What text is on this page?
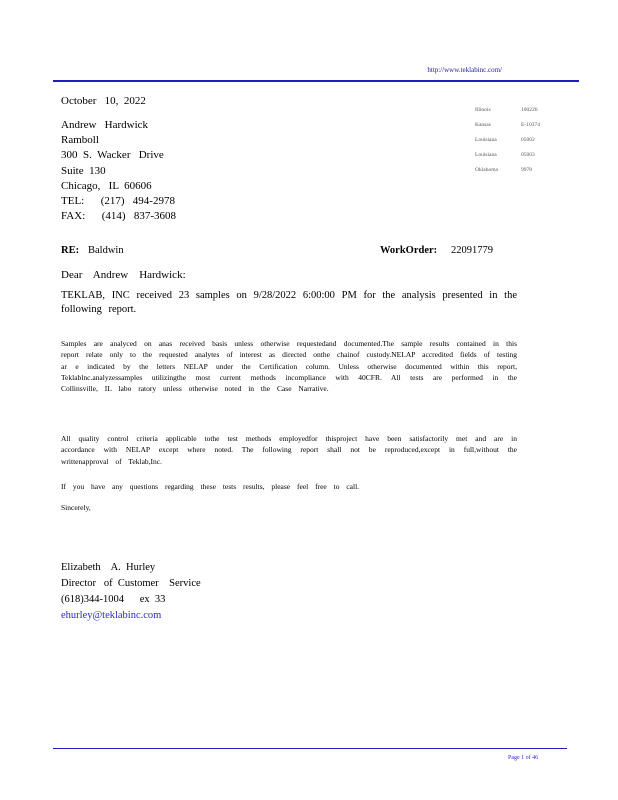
http://www.teklabinc.com/
October   10,  2022
Andrew   Hardwick
Ramboll
300  S.  Wacker   Drive
Suite  130
Chicago,   IL  60606
TEL:      (217)   494-2978
FAX:      (414)   837-3608
Illinois	100226
Kansas	E-10374
Louisiana	05002
Louisiana	05003
Oklahoma	9978
RE: Baldwin	WorkOrder: 22091779
Dear    Andrew    Hardwick:
TEKLAB, INC received 23 samples on 9/28/2022 6:00:00 PM for the analysis presented in the following report.
Samples are analyced on anas received basis unless otherwise requestedand documented.The sample results contained in this report relate only to the requested analytes of interest as directed onthe chainof custody.NELAP accredited fields of testing ar e indicated by the letters NELAP under the Certification column. Unless otherwise documented within this report, Teklablnc.analyzessamples utilizingthe most current methods incompliance with 40CFR. All tests are performed in the Collinsville, IL labo ratory unless otherwise noted in the Case Narrative.
All quality control criteria applicable tothe test methods employedfor thisproject have been satisfactorily met and are in accordance with NELAP except where noted. The following report shall not be reproduced,except in full,without the writtenapproval of Teklab,Inc.
If you have any questions regarding these tests results, please feel free to call.
Sincerely,
Elizabeth    A.  Hurley
Director   of  Customer    Service
(618)344-1004      ex  33
ehurley@teklabinc.com
Page 1 of 46
